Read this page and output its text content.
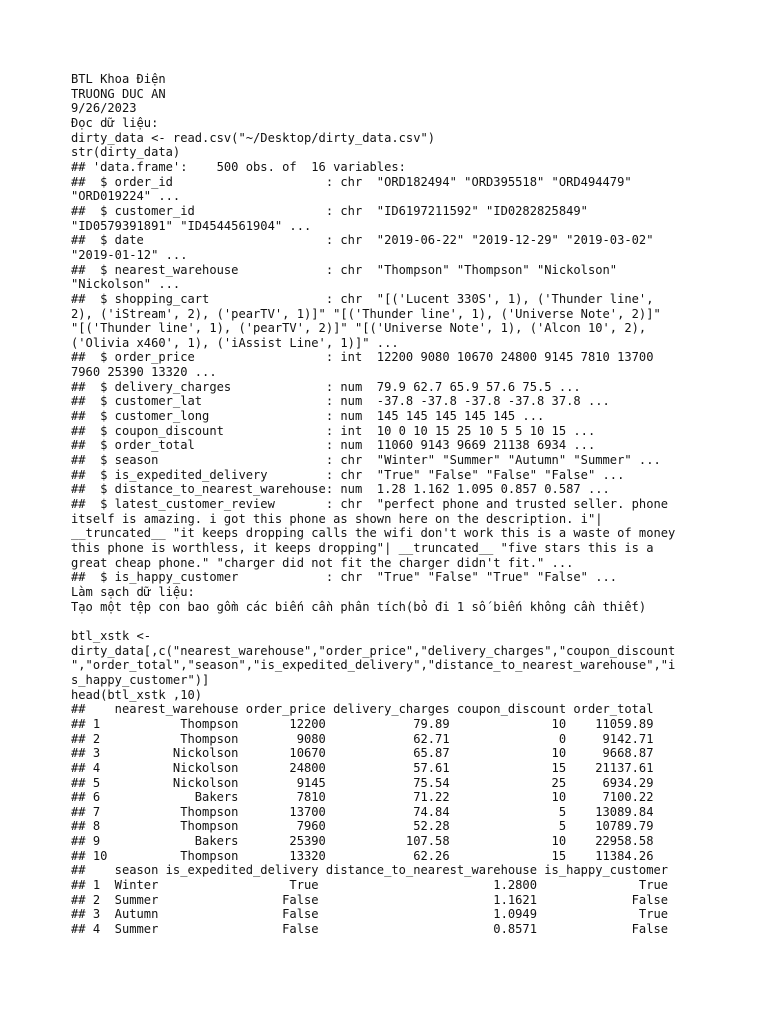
BTL Khoa Điện
TRUONG DUC AN
9/26/2023
Đọc dữ liệu:
dirty_data <- read.csv("~/Desktop/dirty_data.csv")
str(dirty_data)
## 'data.frame':    500 obs. of  16 variables:
##  $ order_id                     : chr  "ORD182494" "ORD395518" "ORD494479"
"ORD019224" ...
##  $ customer_id                  : chr  "ID6197211592" "ID0282825849"
"ID0579391891" "ID4544561904" ...
##  $ date                         : chr  "2019-06-22" "2019-12-29" "2019-03-02"
"2019-01-12" ...
##  $ nearest_warehouse            : chr  "Thompson" "Thompson" "Nickolson"
"Nickolson" ...
##  $ shopping_cart                : chr  "[('Lucent 330S', 1), ('Thunder line',
2), ('iStream', 2), ('pearTV', 1)]" "[('Thunder line', 1), ('Universe Note', 2)]"
"[('Thunder line', 1), ('pearTV', 2)]" "[('Universe Note', 1), ('Alcon 10', 2),
('Olivia x460', 1), ('iAssist Line', 1)]" ...
##  $ order_price                  : int  12200 9080 10670 24800 9145 7810 13700
7960 25390 13320 ...
##  $ delivery_charges             : num  79.9 62.7 65.9 57.6 75.5 ...
##  $ customer_lat                 : num  -37.8 -37.8 -37.8 -37.8 37.8 ...
##  $ customer_long                : num  145 145 145 145 145 ...
##  $ coupon_discount              : int  10 0 10 15 25 10 5 5 10 15 ...
##  $ order_total                  : num  11060 9143 9669 21138 6934 ...
##  $ season                       : chr  "Winter" "Summer" "Autumn" "Summer" ...
##  $ is_expedited_delivery        : chr  "True" "False" "False" "False" ...
##  $ distance_to_nearest_warehouse: num  1.28 1.162 1.095 0.857 0.587 ...
##  $ latest_customer_review       : chr  "perfect phone and trusted seller. phone
itself is amazing. i got this phone as shown here on the description. i"|
__truncated__ "it keeps dropping calls the wifi don't work this is a waste of money
this phone is worthless, it keeps dropping"| __truncated__ "five stars this is a
great cheap phone." "charger did not fit the charger didn't fit." ...
##  $ is_happy_customer            : chr  "True" "False" "True" "False" ...
Làm sạch dữ liệu:
Tạo một tệp con bao gồm các biến cần phân tích(bỏ đi 1 số biến không cần thiết)
btl_xstk <-
dirty_data[,c("nearest_warehouse","order_price","delivery_charges","coupon_discount
","order_total","season","is_expedited_delivery","distance_to_nearest_warehouse","i
s_happy_customer")]
head(btl_xstk ,10)
##    nearest_warehouse order_price delivery_charges coupon_discount order_total
## 1           Thompson       12200            79.89              10    11059.89
## 2           Thompson        9080            62.71               0     9142.71
## 3          Nickolson       10670            65.87              10     9668.87
## 4          Nickolson       24800            57.61              15    21137.61
## 5          Nickolson        9145            75.54              25     6934.29
## 6             Bakers        7810            71.22              10     7100.22
## 7           Thompson       13700            74.84               5    13089.84
## 8           Thompson        7960            52.28               5    10789.79
## 9             Bakers       25390           107.58              10    22958.58
## 10          Thompson       13320            62.26              15    11384.26
##    season is_expedited_delivery distance_to_nearest_warehouse is_happy_customer
## 1  Winter                  True                        1.2800              True
## 2  Summer                 False                        1.1621             False
## 3  Autumn                 False                        1.0949              True
## 4  Summer                 False                        0.8571             False
